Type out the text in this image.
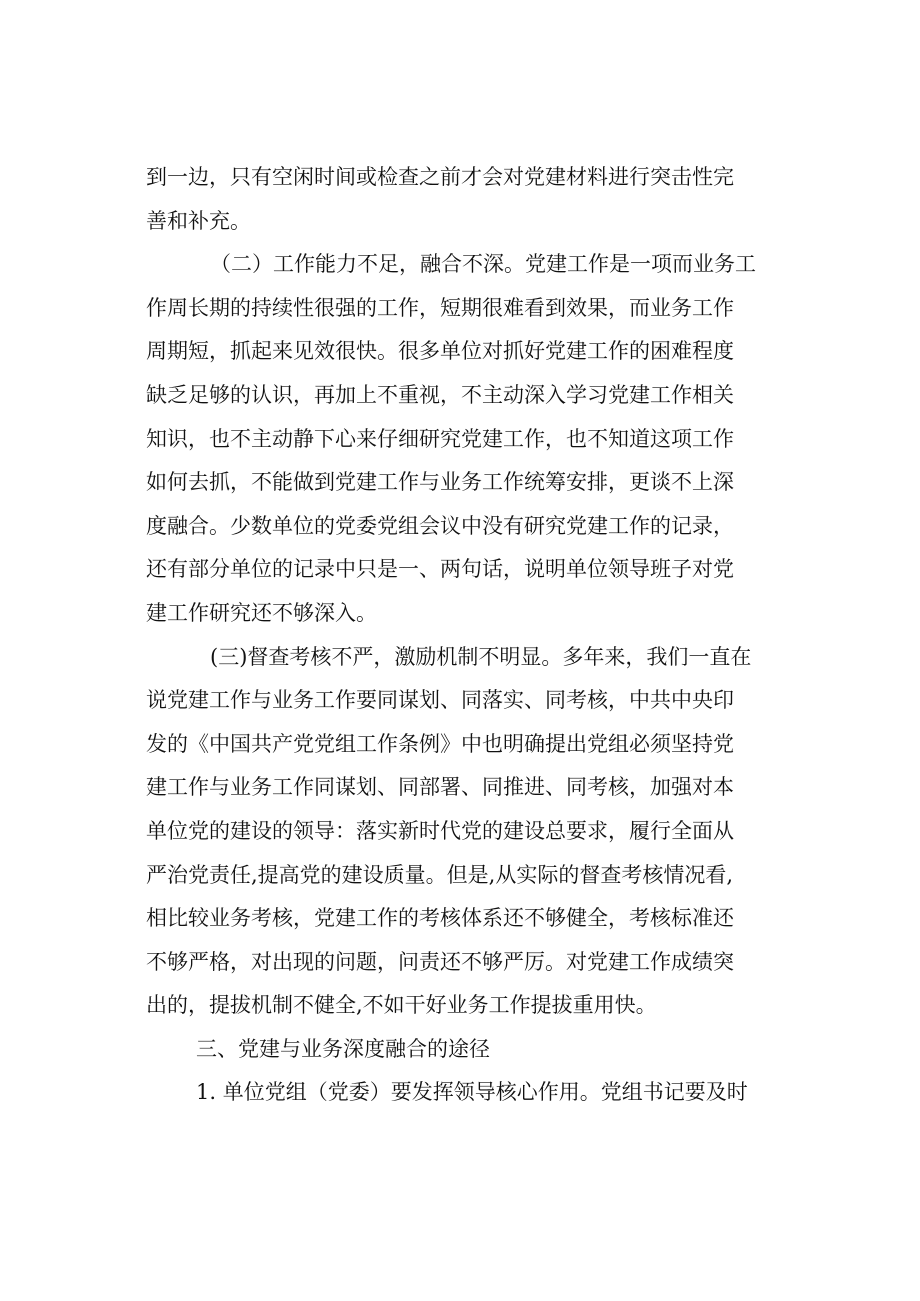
到一边，只有空闲时间或检查之前才会对党建材料进行突击性完
善和补充。
（二）工作能力不足，融合不深。党建工作是一项而业务工
作周长期的持续性很强的工作，短期很难看到效果，而业务工作
周期短，抓起来见效很快。很多单位对抓好党建工作的困难程度
缺乏足够的认识，再加上不重视，不主动深入学习党建工作相关
知识，也不主动静下心来仔细研究党建工作，也不知道这项工作
如何去抓，不能做到党建工作与业务工作统筹安排，更谈不上深
度融合。少数单位的党委党组会议中没有研究党建工作的记录，
还有部分单位的记录中只是一、两句话，说明单位领导班子对党
建工作研究还不够深入。
(三)督查考核不严，激励机制不明显。多年来，我们一直在
说党建工作与业务工作要同谋划、同落实、同考核，中共中央印
发的《中国共产党党组工作条例》中也明确提出党组必须坚持党
建工作与业务工作同谋划、同部署、同推进、同考核，加强对本
单位党的建设的领导：落实新时代党的建设总要求，履行全面从
严治党责任,提高党的建设质量。但是,从实际的督查考核情况看,
相比较业务考核，党建工作的考核体系还不够健全，考核标准还
不够严格，对出现的问题，问责还不够严厉。对党建工作成绩突
出的，提拔机制不健全,不如干好业务工作提拔重用快。
三、党建与业务深度融合的途径
1. 单位党组（党委）要发挥领导核心作用。党组书记要及时
